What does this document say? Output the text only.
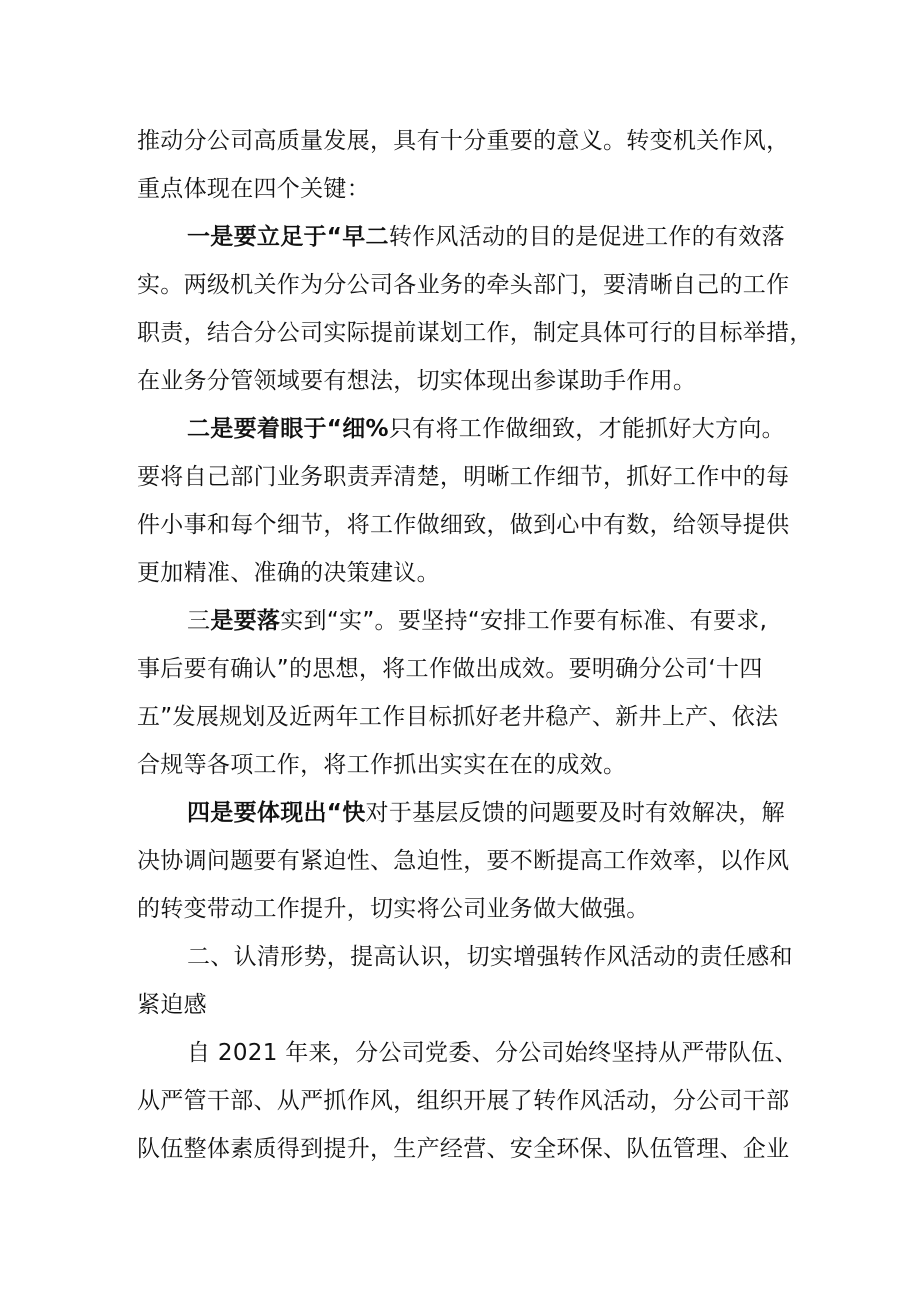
推动分公司高质量发展，具有十分重要的意义。转变机关作风，
重点体现在四个关键：
一是要立足于“早二转作风活动的目的是促进工作的有效落
实。两级机关作为分公司各业务的牵头部门，要清晰自己的工作
职责，结合分公司实际提前谋划工作，制定具体可行的目标举措，
在业务分管领域要有想法，切实体现出参谋助手作用。
二是要着眼于“细%只有将工作做细致，才能抓好大方向。
要将自己部门业务职责弄清楚，明晰工作细节，抓好工作中的每
件小事和每个细节，将工作做细致，做到心中有数，给领导提供
更加精准、准确的决策建议。
三是要落实到“实”。要坚持“安排工作要有标准、有要求,
事后要有确认”的思想，将工作做出成效。要明确分公司‘十四
五”发展规划及近两年工作目标抓好老井稳产、新井上产、依法
合规等各项工作，将工作抓出实实在在的成效。
四是要体现出“快对于基层反馈的问题要及时有效解决，解
决协调问题要有紧迫性、急迫性，要不断提高工作效率，以作风
的转变带动工作提升，切实将公司业务做大做强。
二、认清形势，提高认识，切实增强转作风活动的责任感和
紧迫感
自 2021 年来，分公司党委、分公司始终坚持从严带队伍、
从严管干部、从严抓作风，组织开展了转作风活动，分公司干部
队伍整体素质得到提升，生产经营、安全环保、队伍管理、企业
